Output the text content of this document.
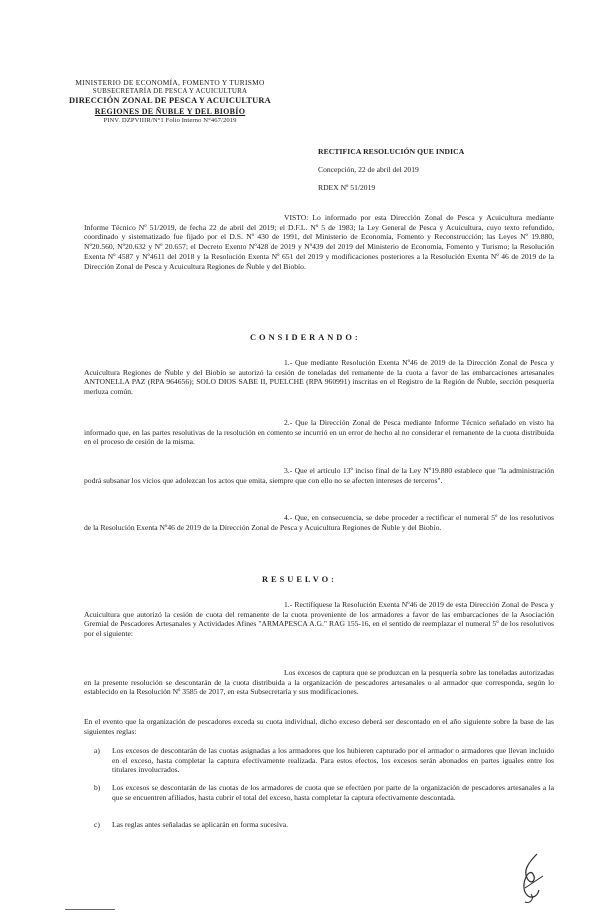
MINISTERIO DE ECONOMÍA, FOMENTO Y TURISMO
SUBSECRETARÍA DE PESCA Y ACUICULTURA
DIRECCIÓN ZONAL DE PESCA Y ACUICULTURA
REGIONES DE ÑUBLE Y DEL BIOBÍO
PINV. DZPVIIIR/N°1 Folio Interno N°467/2019
RECTIFICA RESOLUCIÓN QUE INDICA
Concepción, 22 de abril del 2019
RDEX Nº 51/2019

VISTO: Lo informado por esta Dirección Zonal de Pesca y Acuicultura mediante Informe Técnico Nº 51/2019, de fecha 22 de abril del 2019; el D.F.L. Nº 5 de 1983; la Ley General de Pesca y Acuicultura, cuyo texto refundido, coordinado y sistematizado fue fijado por el D.S. Nº 430 de 1991, del Ministerio de Economía, Fomento y Reconstrucción; las Leyes Nº 19.880, Nº20.560, Nº20.632 y Nº 20.657; el Decreto Exento Nº428 de 2019 y Nº439 del 2019 del Ministerio de Economía, Fomento y Turismo; la Resolución Exenta Nº 4587 y Nº4611 del 2018 y la Resolución Exenta Nº 651 del 2019 y modificaciones posteriores a la Resolución Exenta Nº 46 de 2019 de la Dirección Zonal de Pesca y Acuicultura Regiones de Ñuble y del Biobío.

CONSIDERANDO:

1.- Que mediante Resolución Exenta Nº46 de 2019 de la Dirección Zonal de Pesca y Acuicultura Regiones de Ñuble y del Biobío se autorizó la cesión de toneladas del remanente de la cuota a favor de las embarcaciones artesanales ANTONELLA PAZ (RPA 964656); SOLO DIOS SABE II, PUELCHE (RPA 960991) inscritas en el Registro de la Región de Ñuble, sección pesquería merluza común.

2.- Que la Dirección Zonal de Pesca mediante Informe Técnico señalado en visto ha informado que, en las partes resolutivas de la resolución en comento se incurrió en un error de hecho al no considerar el remanente de la cuota distribuida en el proceso de cesión de la misma.

3.- Que el artículo 13º inciso final de la Ley Nº19.880 establece que "la administración podrá subsanar los vicios que adolezcan los actos que emita, siempre que con ello no se afecten intereses de terceros".

4.- Que, en consecuencia, se debe proceder a rectificar el numeral 5º de los resolutivos de la Resolución Exenta Nº46 de 2019 de la Dirección Zonal de Pesca y Acuicultura Regiones de Ñuble y del Biobío.

RESUELVO:

1.- Rectifíquese la Resolución Exenta Nº46 de 2019 de esta Dirección Zonal de Pesca y Acuicultura que autorizó la cesión de cuota del remanente de la cuota proveniente de los armadores a favor de las embarcaciones de la Asociación Gremial de Pescadores Artesanales y Actividades Afines "ARMAPESCA A.G." RAG 155-16, en el sentido de reemplazar el numeral 5º de los resolutivos por el siguiente:

Los excesos de captura que se produzcan en la pesquería sobre las toneladas autorizadas en la presente resolución se descontarán de la cuota distribuida a la organización de pescadores artesanales o al armador que corresponda, según lo establecido en la Resolución Nº 3585 de 2017, en esta Subsecretaría y sus modificaciones.

En el evento que la organización de pescadores exceda su cuota individual, dicho exceso deberá ser descontado en el año siguiente sobre la base de las siguientes reglas:

a)	Los excesos de descontarán de las cuotas asignadas a los armadores que los hubieren capturado por el armador o armadores que llevan incluido en el exceso, hasta completar la captura efectivamente realizada. Para estos efectos, los excesos serán abonados en partes iguales entre los titulares involucrados.
b)	Los excesos se descontarán de las cuotas de los armadores de cuota que se efectúen por parte de la organización de pescadores artesanales a la que se encuentren afiliados, hasta cubrir el total del exceso, hasta completar la captura efectivamente descontada.
c)	Las reglas antes señaladas se aplicarán en forma sucesiva.
